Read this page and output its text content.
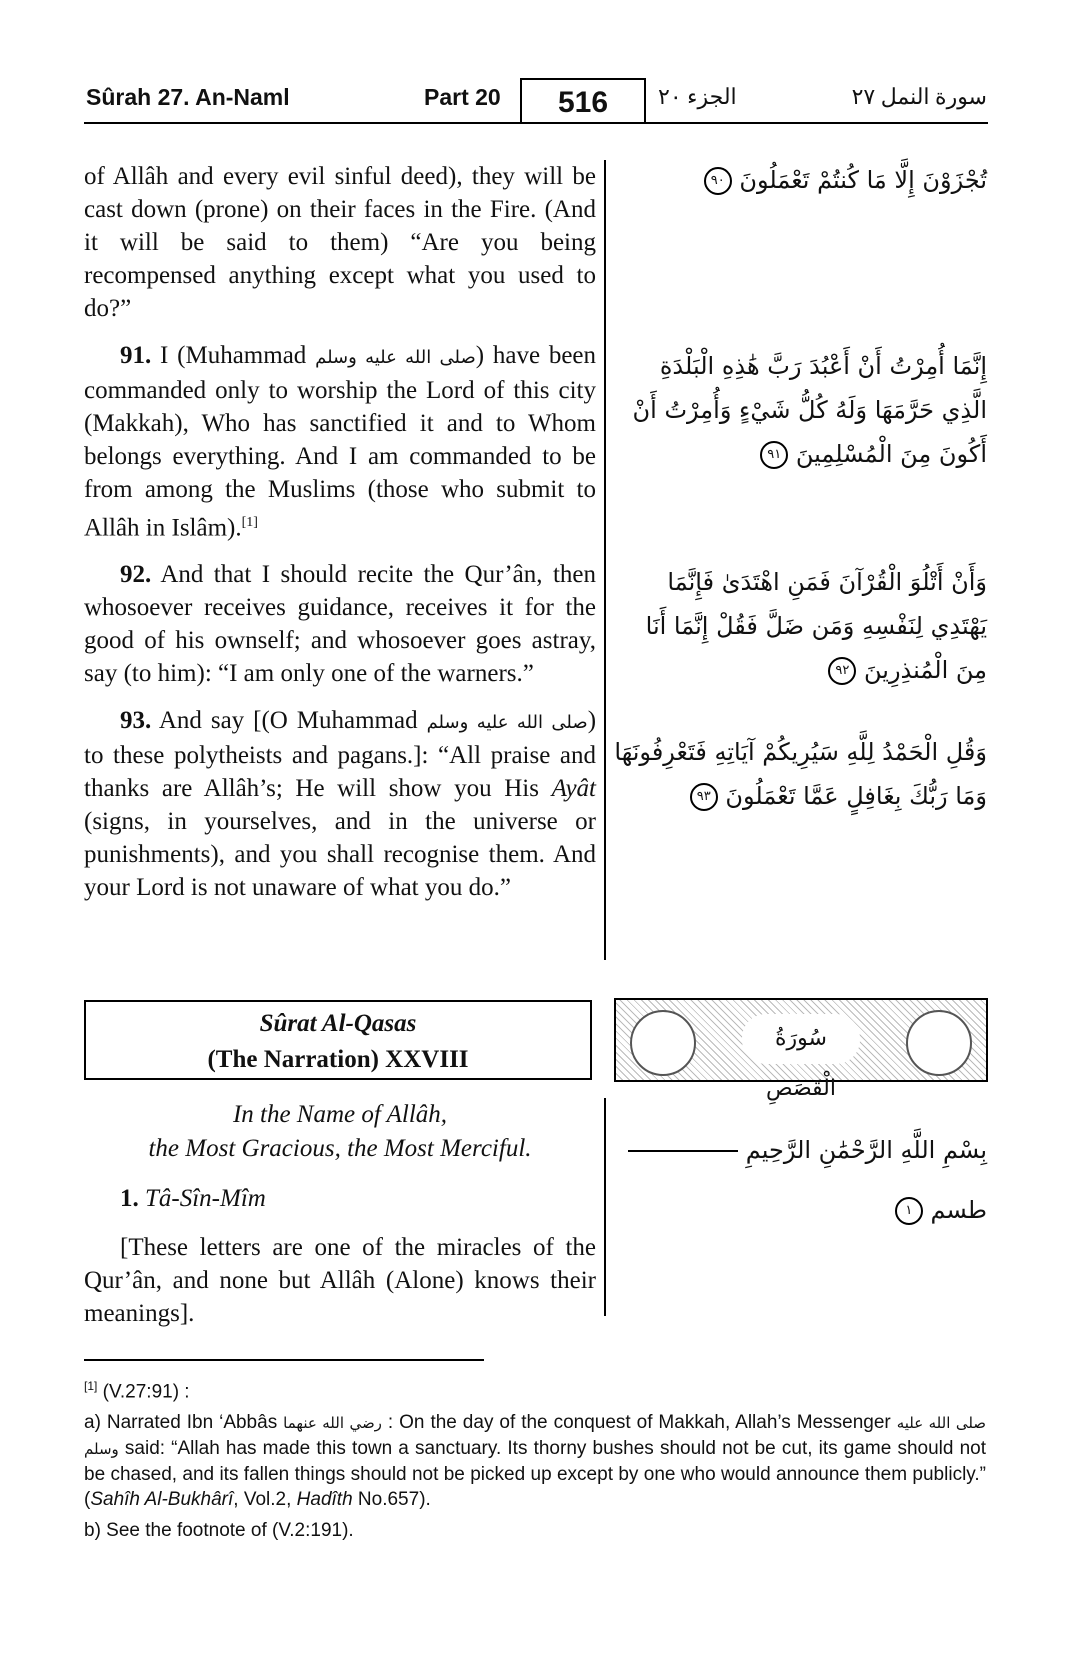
Sûrah 27. An-Naml	Part 20	516	الجزء ٢٠	سورة النمل ٢٧

of Allâh and every evil sinful deed), they will be cast down (prone) on their faces in the Fire. (And it will be said to them) “Are you being recompensed anything except what you used to do?”

91. I (Muhammad صلى الله عليه وسلم) have been commanded only to worship the Lord of this city (Makkah), Who has sanctified it and to Whom belongs everything. And I am commanded to be from among the Muslims (those who submit to Allâh in Islâm).[1]

92. And that I should recite the Qur’ân, then whosoever receives guidance, receives it for the good of his ownself; and whosoever goes astray, say (to him): “I am only one of the warners.”

93. And say [(O Muhammad صلى الله عليه وسلم) to these polytheists and pagans.]: “All praise and thanks are Allâh’s; He will show you His Ayât (signs, in yourselves, and in the universe or punishments), and you shall recognise them. And your Lord is not unaware of what you do.”

تُجْزَوْنَ إِلَّا مَا كُنتُمْ تَعْمَلُونَ ٩٠
إِنَّمَا أُمِرْتُ أَنْ أَعْبُدَ رَبَّ هَٰذِهِ الْبَلْدَةِ الَّذِي حَرَّمَهَا وَلَهُ كُلُّ شَيْءٍ وَأُمِرْتُ أَنْ أَكُونَ مِنَ الْمُسْلِمِينَ ٩١
وَأَنْ أَتْلُوَ الْقُرْآنَ فَمَنِ اهْتَدَىٰ فَإِنَّمَا يَهْتَدِي لِنَفْسِهِ وَمَن ضَلَّ فَقُلْ إِنَّمَا أَنَا مِنَ الْمُنذِرِينَ ٩٢
وَقُلِ الْحَمْدُ لِلَّهِ سَيُرِيكُمْ آيَاتِهِ فَتَعْرِفُونَهَا وَمَا رَبُّكَ بِغَافِلٍ عَمَّا تَعْمَلُونَ ٩٣
Sûrat Al-Qasas
(The Narration) XXVIII
سُورَةُ الْقَصَصِ
In the Name of Allâh,
the Most Gracious, the Most Merciful.

1. Tâ-Sîn-Mîm

[These letters are one of the miracles of the Qur’ân, and none but Allâh (Alone) knows their meanings].

بِسْمِ اللَّهِ الرَّحْمَٰنِ الرَّحِيمِ
طسم ١

[1] (V.27:91) :

a) Narrated Ibn ‘Abbâs رضي الله عنهما : On the day of the conquest of Makkah, Allah’s Messenger صلى الله عليه وسلم said: “Allah has made this town a sanctuary. Its thorny bushes should not be cut, its game should not be chased, and its fallen things should not be picked up except by one who would announce them publicly.” (Sahîh Al-Bukhârî, Vol.2, Hadîth No.657).

b) See the footnote of (V.2:191).
